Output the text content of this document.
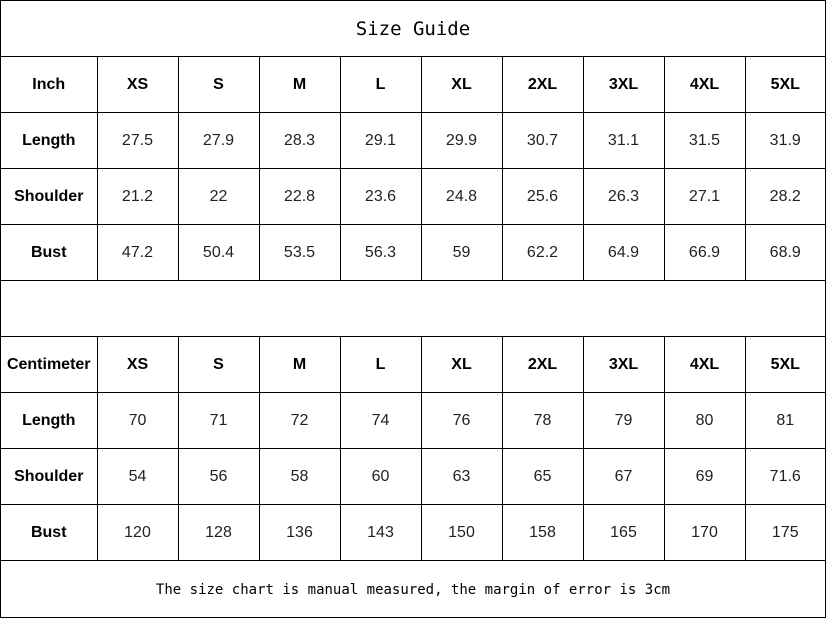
Size Guide
Inch	XS	S	M	L	XL	2XL	3XL	4XL	5XL
Length	27.5	27.9	28.3	29.1	29.9	30.7	31.1	31.5	31.9
Shoulder	21.2	22	22.8	23.6	24.8	25.6	26.3	27.1	28.2
Bust	47.2	50.4	53.5	56.3	59	62.2	64.9	66.9	68.9
Centimeter	XS	S	M	L	XL	2XL	3XL	4XL	5XL
Length	70	71	72	74	76	78	79	80	81
Shoulder	54	56	58	60	63	65	67	69	71.6
Bust	120	128	136	143	150	158	165	170	175
The size chart is manual measured, the margin of error is 3cm
